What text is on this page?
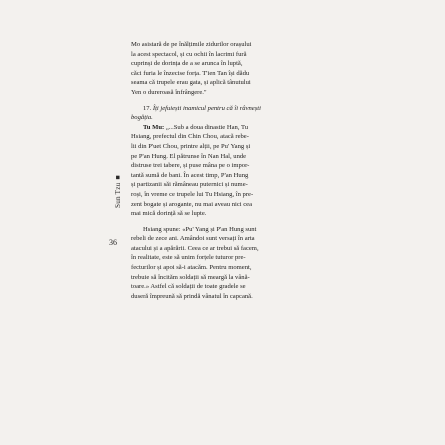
Sun Tzu■
36
Mo asistară de pe înălțimile zidurilor orașului
la acest spectacol, și cu ochii în lacrimi fură
cuprinși de dorința de a se arunca în luptă,
căci furia le înzecise forța. T'ien Tan își dădu
seama că trupele erau gata, și aplică tânutului
Yen o dureroasă înfrângere."
17. Îți jefuiești inamicul pentru că îi râvnești
bogăția.
Tu Mu: „...Sub a doua dinastie Han, Tu
Hsiang, prefectul din Chin Chou, atacă rebe-
lii din P'uet Chou, printre alții, pe Pu' Yang și
pe P'an Hung. El pătrunse în Nan Hal, unde
distruse trei tabere, și puse mâna pe o impor-
tantă sumă de bani. În acest timp, P'an Hung
și partizanii săi rămâneau puternici și nume-
roși, în vreme ce trupele lui Tu Hsiang, în pre-
zent bogate și arogante, nu mai aveau nici cea
mai mică dorință să se lupte.
Hsiang spune: «Pu' Yang și P'an Hung sunt
rebeli de zece ani. Amândoi sunt versați în arta
atacului și a apărării. Ceea ce ar trebui să facem,
în realitate, este să unim forțele tuturor pre-
fecturilor și apoi să-i atacăm. Pentru moment,
trebuie să încităm soldații să meargă la vână-
toare.» Astfel că soldații de toate gradele se
duseră împreună să prindă vânatul în capcană.
